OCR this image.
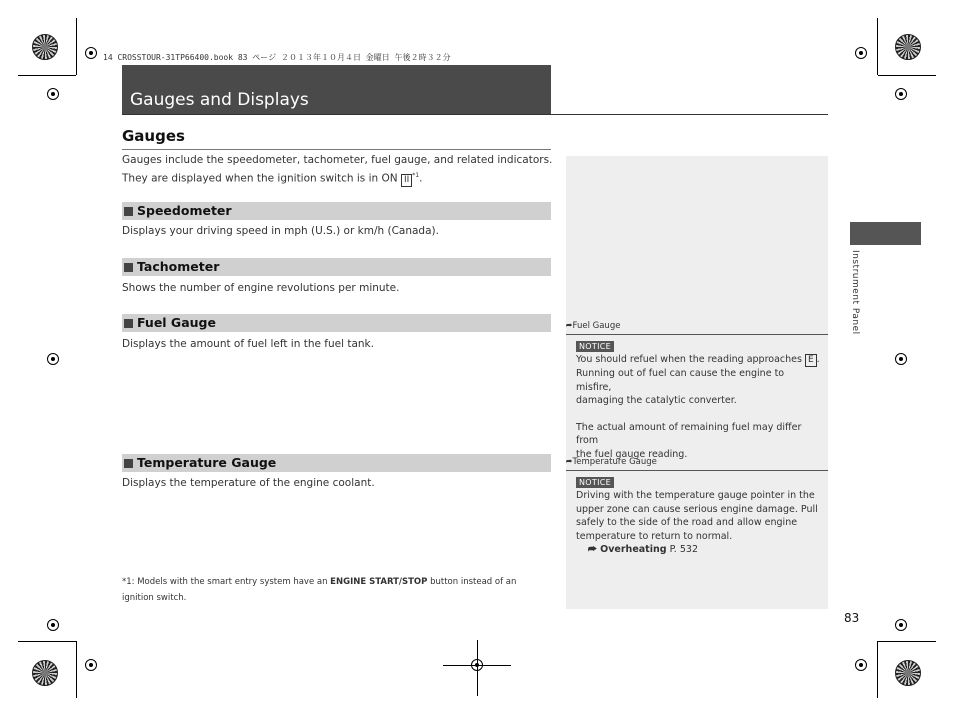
14 CROSSTOUR-31TP66400.book 83 ページ ２０１３年１０月４日 金曜日 午後２時３２分
Gauges and Displays
Gauges
Gauges include the speedometer, tachometer, fuel gauge, and related indicators.
They are displayed when the ignition switch is in ON II $^{*1}$.
Speedometer
Displays your driving speed in mph (U.S.) or km/h (Canada).
Tachometer
Shows the number of engine revolutions per minute.
Fuel Gauge
Displays the amount of fuel left in the fuel tank.
Temperature Gauge
Displays the temperature of the engine coolant.
*1: Models with the smart entry system have an ENGINE START/STOP button instead of an
ignition switch.
⮫Fuel Gauge
NOTICE
You should refuel when the reading approaches E .
Running out of fuel can cause the engine to misfire,
damaging the catalytic converter.
The actual amount of remaining fuel may differ from
the fuel gauge reading.
⮫Temperature Gauge
NOTICE
Driving with the temperature gauge pointer in the
upper zone can cause serious engine damage. Pull
safely to the side of the road and allow engine
temperature to return to normal.
⮫ Overheating P. 532
Instrument Panel
83
